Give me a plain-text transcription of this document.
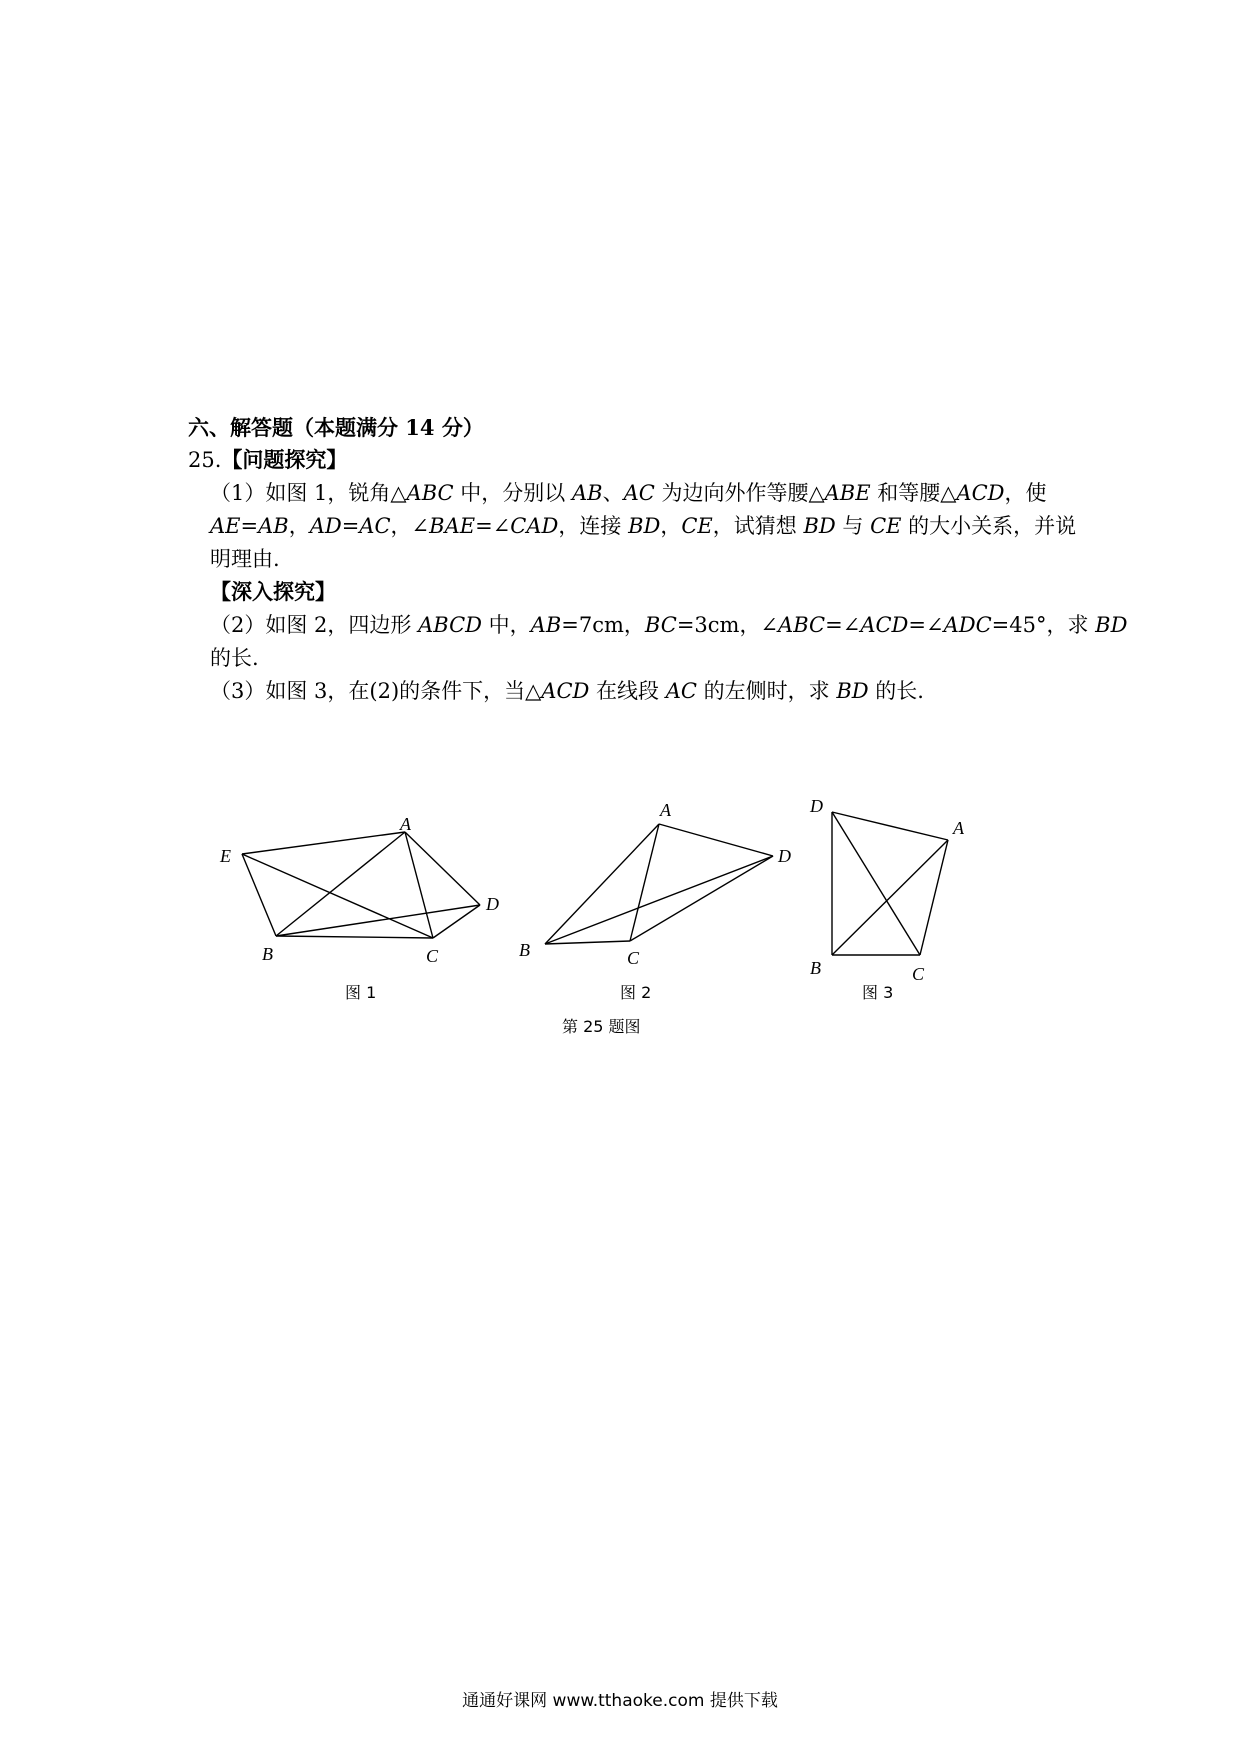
六、解答题（本题满分 14 分）
25.【问题探究】
（1）如图 1，锐角△ABC 中，分别以 AB、AC 为边向外作等腰△ABE 和等腰△ACD，使
AE=AB，AD=AC，∠BAE=∠CAD，连接 BD，CE，试猜想 BD 与 CE 的大小关系，并说
明理由.
【深入探究】
（2）如图 2，四边形 ABCD 中，AB=7cm，BC=3cm，∠ABC=∠ACD=∠ADC=45°，求 BD
的长.
（3）如图 3，在(2)的条件下，当△ACD 在线段 AC 的左侧时，求 BD 的长.
E
A
D
B	C
图 1
A
D
B	C
图 2
D
A
B	C
图 3
第 25 题图
通通好课网 www.tthaoke.com 提供下载
